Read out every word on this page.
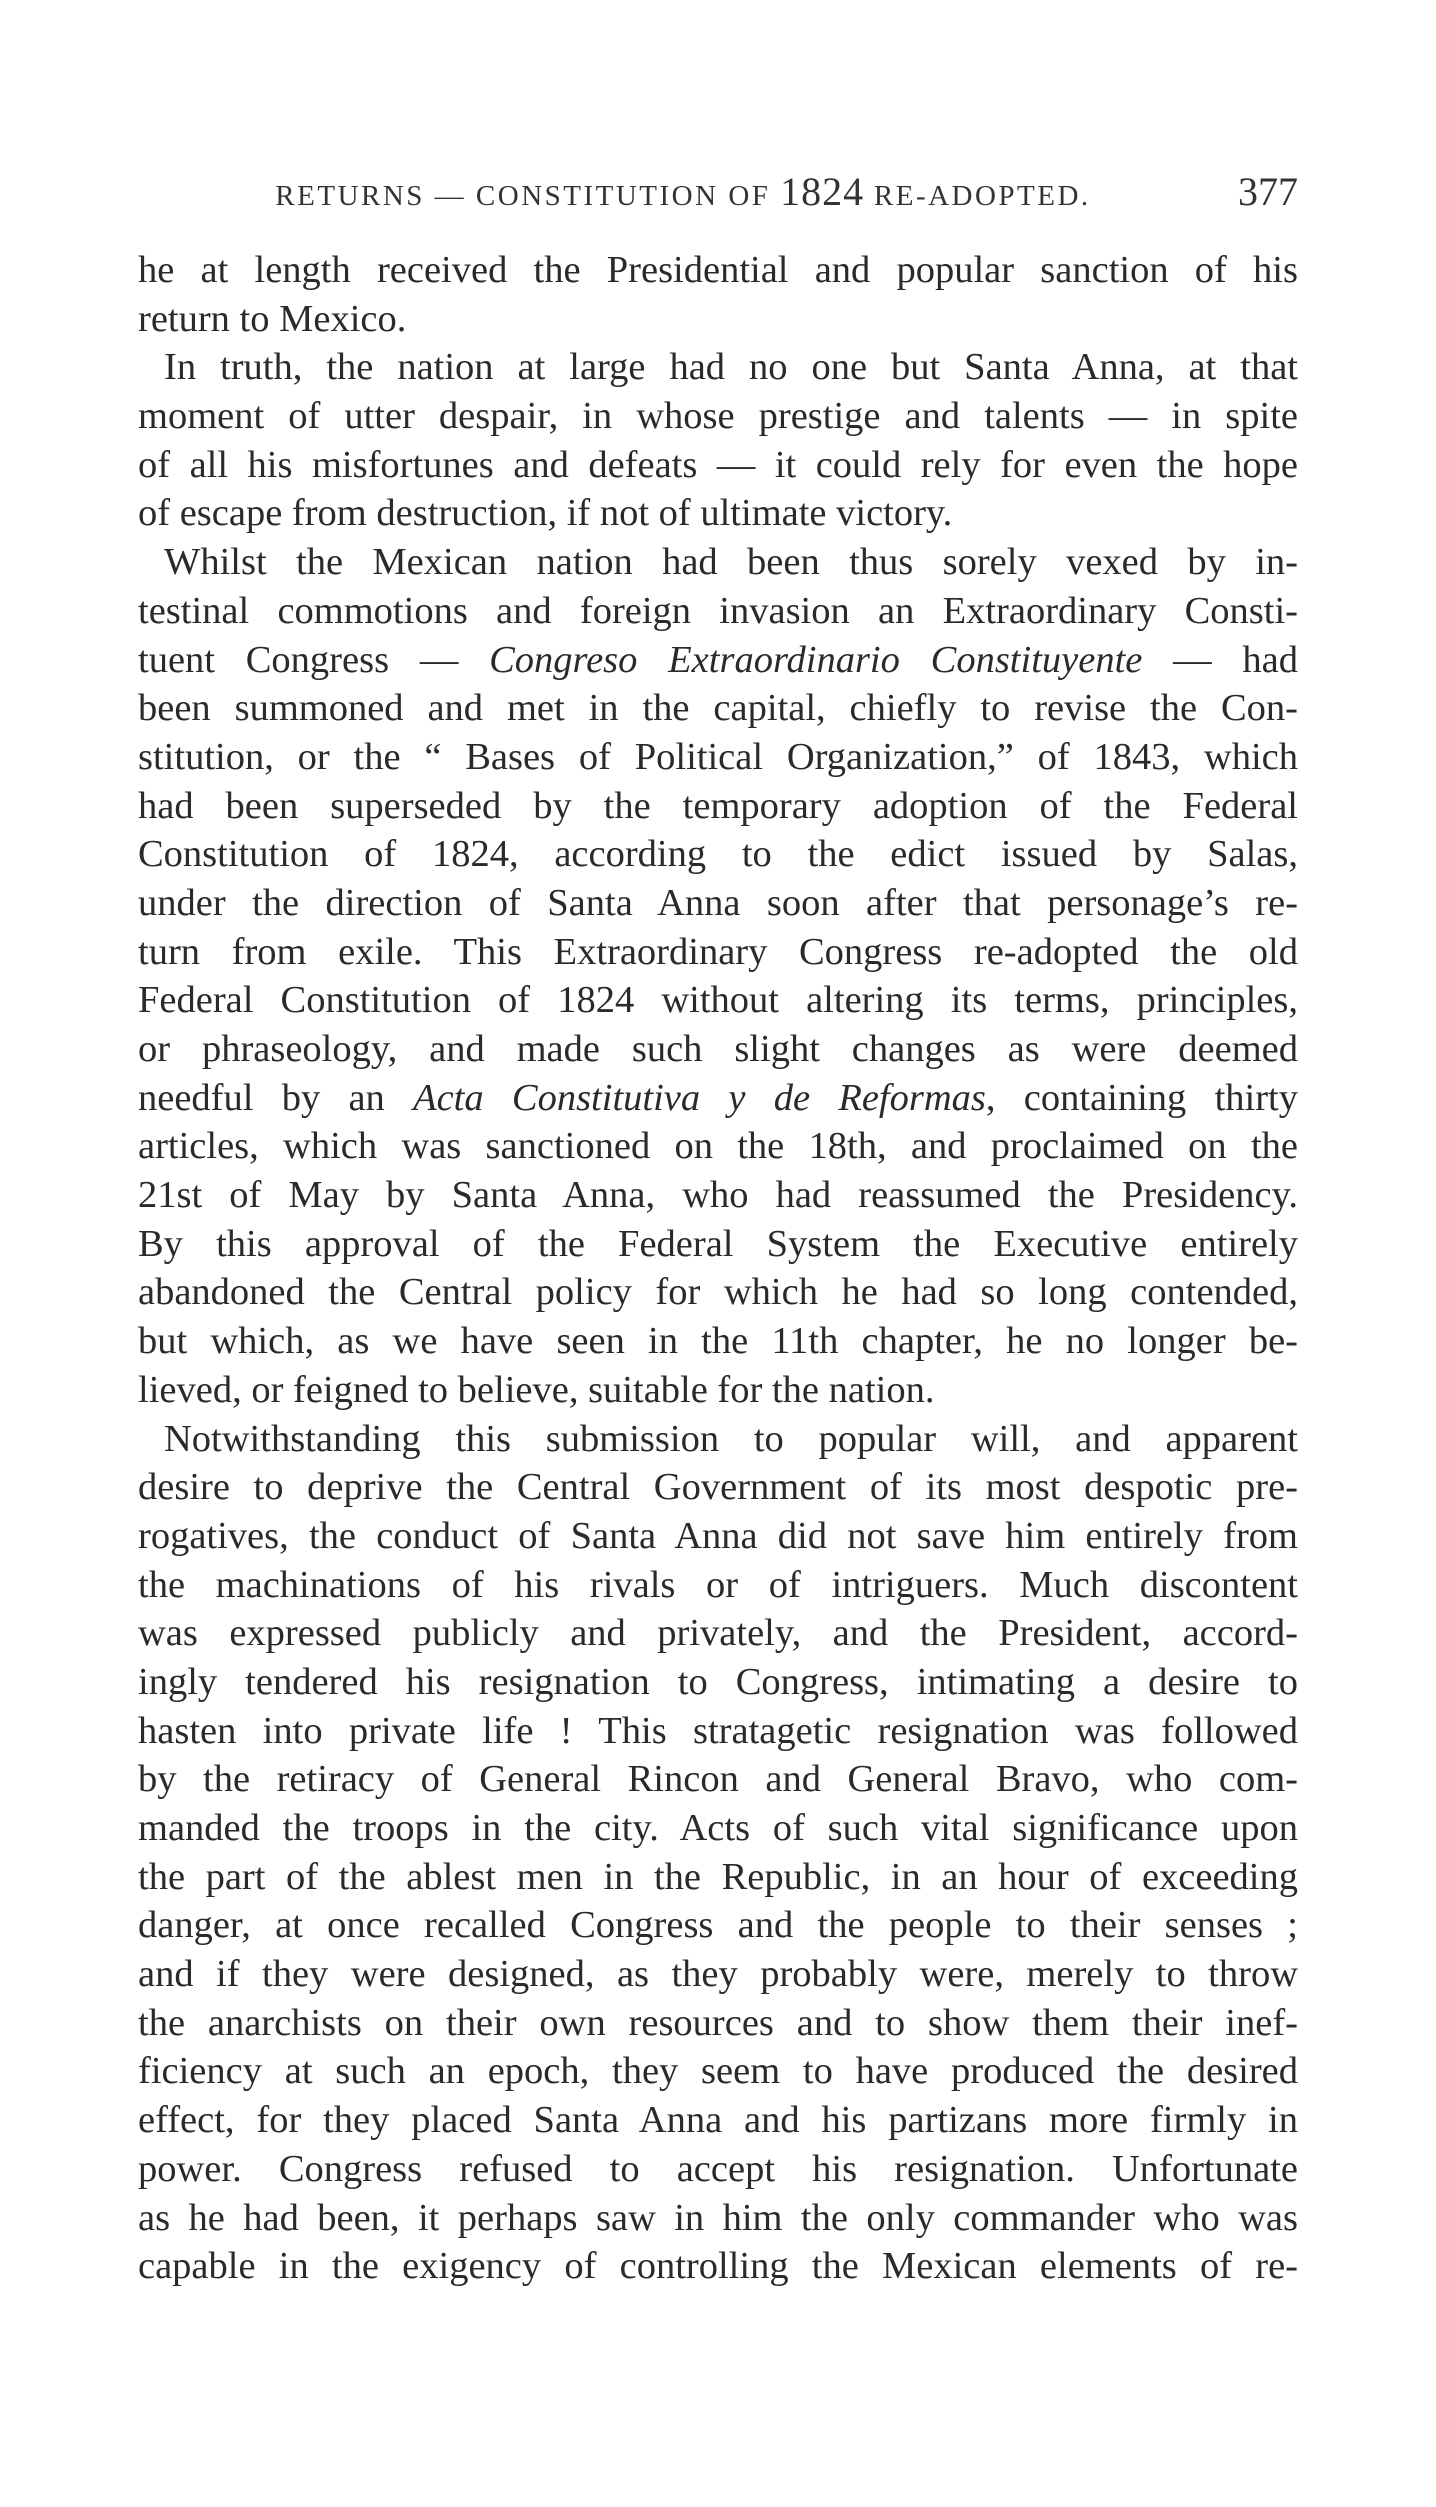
RETURNS — CONSTITUTION OF 1824 RE-ADOPTED.	377
he at length received the Presidential and popular sanction of his
return to Mexico.
In truth, the nation at large had no one but Santa Anna, at that
moment of utter despair, in whose prestige and talents — in spite
of all his misfortunes and defeats — it could rely for even the hope
of escape from destruction, if not of ultimate victory.
Whilst the Mexican nation had been thus sorely vexed by in-
testinal commotions and foreign invasion an Extraordinary Consti-
tuent Congress — Congreso Extraordinario Constituyente — had
been summoned and met in the capital, chiefly to revise the Con-
stitution, or the “ Bases of Political Organization,” of 1843, which
had been superseded by the temporary adoption of the Federal
Constitution of 1824, according to the edict issued by Salas,
under the direction of Santa Anna soon after that personage’s re-
turn from exile. This Extraordinary Congress re-adopted the old
Federal Constitution of 1824 without altering its terms, principles,
or phraseology, and made such slight changes as were deemed
needful by an Acta Constitutiva y de Reformas, containing thirty
articles, which was sanctioned on the 18th, and proclaimed on the
21st of May by Santa Anna, who had reassumed the Presidency.
By this approval of the Federal System the Executive entirely
abandoned the Central policy for which he had so long contended,
but which, as we have seen in the 11th chapter, he no longer be-
lieved, or feigned to believe, suitable for the nation.
Notwithstanding this submission to popular will, and apparent
desire to deprive the Central Government of its most despotic pre-
rogatives, the conduct of Santa Anna did not save him entirely from
the machinations of his rivals or of intriguers. Much discontent
was expressed publicly and privately, and the President, accord-
ingly tendered his resignation to Congress, intimating a desire to
hasten into private life ! This stratagetic resignation was followed
by the retiracy of General Rincon and General Bravo, who com-
manded the troops in the city. Acts of such vital significance upon
the part of the ablest men in the Republic, in an hour of exceeding
danger, at once recalled Congress and the people to their senses ;
and if they were designed, as they probably were, merely to throw
the anarchists on their own resources and to show them their inef-
ficiency at such an epoch, they seem to have produced the desired
effect, for they placed Santa Anna and his partizans more firmly in
power. Congress refused to accept his resignation. Unfortunate
as he had been, it perhaps saw in him the only commander who was
capable in the exigency of controlling the Mexican elements of re-
